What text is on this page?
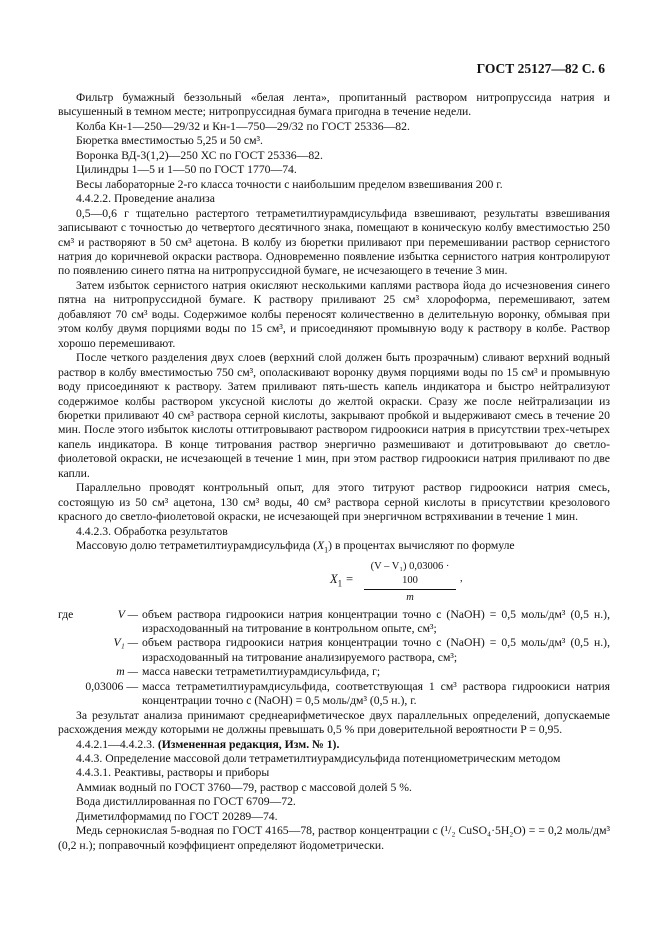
ГОСТ 25127—82 С. 6

Фильтр бумажный беззольный «белая лента», пропитанный раствором нитропруссида натрия и высушенный в темном месте; нитропруссидная бумага пригодна в течение недели.

Колба Кн-1—250—29/32 и Кн-1—750—29/32 по ГОСТ 25336—82.

Бюретка вместимостью 5,25 и 50 см³.

Воронка ВД-3(1,2)—250 ХС по ГОСТ 25336—82.

Цилиндры 1—5 и 1—50 по ГОСТ 1770—74.

Весы лабораторные 2-го класса точности с наибольшим пределом взвешивания 200 г.

4.4.2.2. Проведение анализа

0,5—0,6 г тщательно растертого тетраметилтиурамдисульфида взвешивают, результаты взвешивания записывают с точностью до четвертого десятичного знака, помещают в коническую колбу вместимостью 250 см³ и растворяют в 50 см³ ацетона. В колбу из бюретки приливают при перемешивании раствор сернистого натрия до коричневой окраски раствора. Одновременно появление избытка сернистого натрия контролируют по появлению синего пятна на нитропруссидной бумаге, не исчезающего в течение 3 мин.

Затем избыток сернистого натрия окисляют несколькими каплями раствора йода до исчезновения синего пятна на нитропруссидной бумаге. К раствору приливают 25 см³ хлороформа, перемешивают, затем добавляют 70 см³ воды. Содержимое колбы переносят количественно в делительную воронку, обмывая при этом колбу двумя порциями воды по 15 см³, и присоединяют промывную воду к раствору в колбе. Раствор хорошо перемешивают.

После четкого разделения двух слоев (верхний слой должен быть прозрачным) сливают верхний водный раствор в колбу вместимостью 750 см³, ополаскивают воронку двумя порциями воды по 15 см³ и промывную воду присоединяют к раствору. Затем приливают пять-шесть капель индикатора и быстро нейтрализуют содержимое колбы раствором уксусной кислоты до желтой окраски. Сразу же после нейтрализации из бюретки приливают 40 см³ раствора серной кислоты, закрывают пробкой и выдерживают смесь в течение 20 мин. После этого избыток кислоты оттитровывают раствором гидроокиси натрия в присутствии трех-четырех капель индикатора. В конце титрования раствор энергично размешивают и дотитровывают до светло-фиолетовой окраски, не исчезающей в течение 1 мин, при этом раствор гидроокиси натрия приливают по две капли.

Параллельно проводят контрольный опыт, для этого титруют раствор гидроокиси натрия смесь, состоящую из 50 см³ ацетона, 130 см³ воды, 40 см³ раствора серной кислоты в присутствии крезолового красного до светло-фиолетовой окраски, не исчезающей при энергичном встряхивании в течение 1 мин.

4.4.2.3. Обработка результатов

Массовую долю тетраметилтиурамдисульфида $(X_1)$ в процентах вычисляют по формуле

$X_1$ =
(V – V₁) 0,03006 · 100
m
,
где	V — объем раствора гидроокиси натрия концентрации точно c (NaOH) = 0,5 моль/дм³ (0,5 н.), израсходованный на титрование в контрольном опыте, см³;
V₁ — объем раствора гидроокиси натрия концентрации точно c (NaOH) = 0,5 моль/дм³ (0,5 н.), израсходованный на титрование анализируемого раствора, см³;
m — масса навески тетраметилтиурамдисульфида, г;
0,03006 — масса тетраметилтиурамдисульфида, соответствующая 1 см³ раствора гидроокиси натрия концентрации точно c (NaOH) = 0,5 моль/дм³ (0,5 н.), г.

За результат анализа принимают среднеарифметическое двух параллельных определений, допускаемые расхождения между которыми не должны превышать 0,5 % при доверительной вероятности P = 0,95.

4.4.2.1—4.4.2.3. (Измененная редакция, Изм. № 1).

4.4.3. Определение массовой доли тетраметилтиурамдисульфида потенциометрическим методом

4.4.3.1. Реактивы, растворы и приборы

Аммиак водный по ГОСТ 3760—79, раствор с массовой долей 5 %.

Вода дистиллированная по ГОСТ 6709—72.

Диметилформамид по ГОСТ 20289—74.

Медь сернокислая 5-водная по ГОСТ 4165—78, раствор концентрации c (¹/₂ CuSO₄·5H₂O) = = 0,2 моль/дм³ (0,2 н.); поправочный коэффициент определяют йодометрически.
